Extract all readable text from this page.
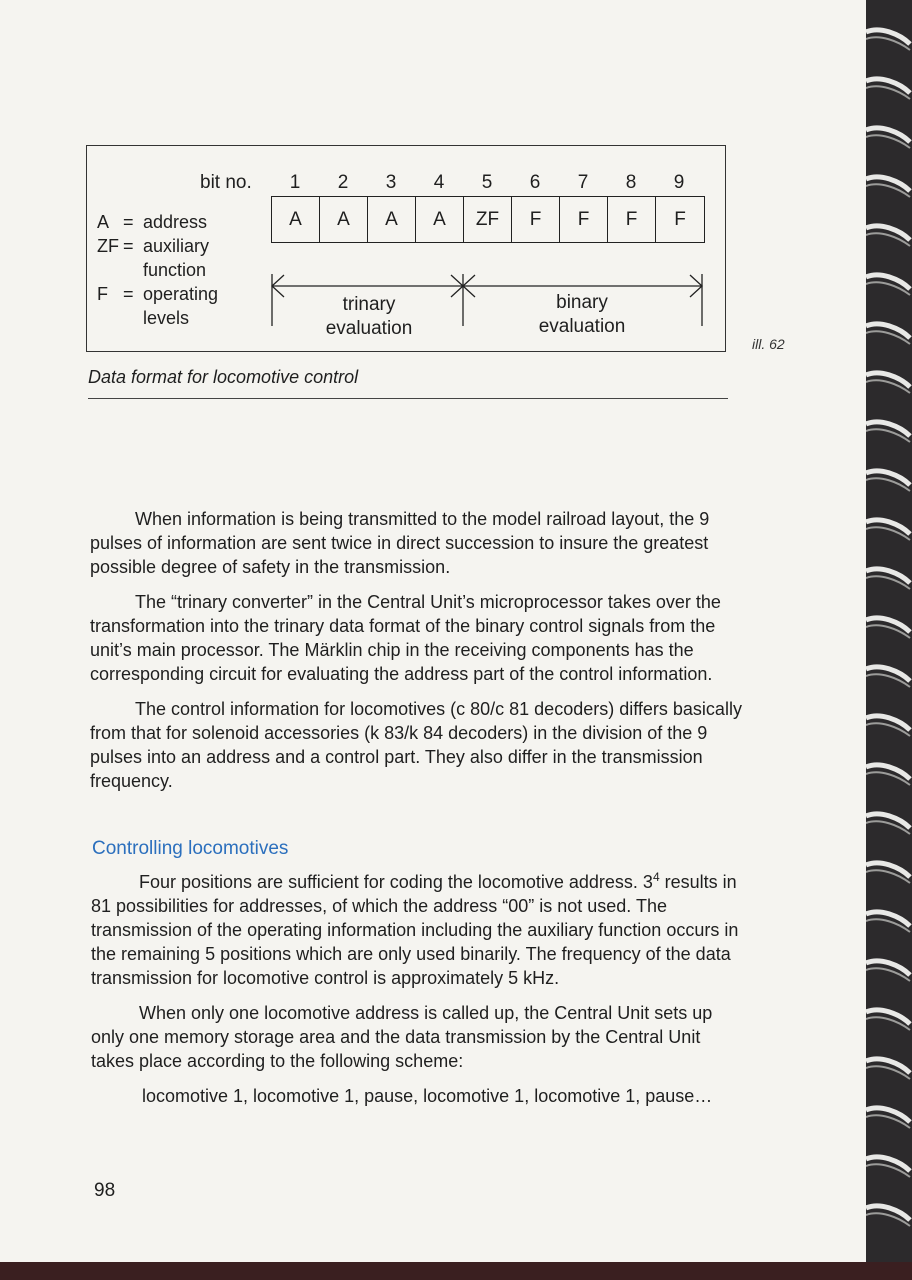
bit no.	1	2	3	4	5	6	7	8	9
A	A	A	A	ZF	F	F	F	F
A = address
ZF = auxiliary
function
F = operating
levels
trinary
evaluation
binary
evaluation
ill. 62
Data format for locomotive control

When information is being transmitted to the model railroad layout, the 9 pulses of information are sent twice in direct succession to insure the greatest possible degree of safety in the transmission.

The “trinary converter” in the Central Unit’s microprocessor takes over the transformation into the trinary data format of the binary control signals from the unit’s main processor. The Märklin chip in the receiving components has the corresponding circuit for evaluating the address part of the control information.

The control information for locomotives (c 80/c 81 decoders) differs basically from that for solenoid accessories (k 83/k 84 decoders) in the division of the 9 pulses into an address and a control part. They also differ in the transmission frequency.

Controlling locomotives

Four positions are sufficient for coding the locomotive address. $3^4$ results in 81 possibilities for addresses, of which the address “00” is not used. The transmission of the operating information including the auxiliary function occurs in the remaining 5 positions which are only used binarily. The frequency of the data transmission for locomotive control is approximately 5 kHz.

When only one locomotive address is called up, the Central Unit sets up only one memory storage area and the data transmission by the Central Unit takes place according to the following scheme:

locomotive 1, locomotive 1, pause, locomotive 1, locomotive 1, pause…

98
